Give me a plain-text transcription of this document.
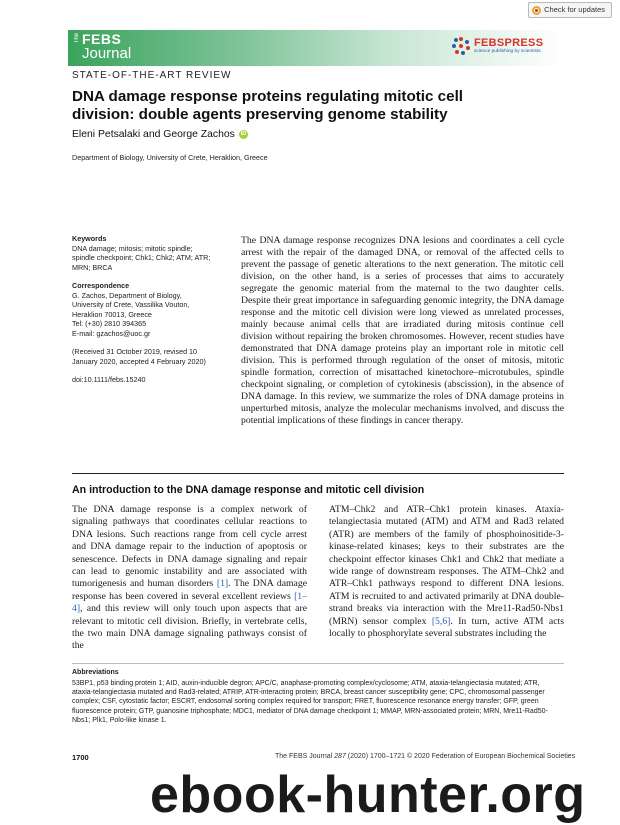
Check for updates
The FEBS
Journal
FEBSPRESS
science publishing by scientists
STATE-OF-THE-ART REVIEW
DNA damage response proteins regulating mitotic cell
division: double agents preserving genome stability
Eleni Petsalaki and George Zachos	iD
Department of Biology, University of Crete, Heraklion, Greece
Keywords
DNA damage; mitosis; mitotic spindle;
spindle checkpoint; Chk1; Chk2; ATM; ATR;
MRN; BRCA
Correspondence
G. Zachos, Department of Biology,
University of Crete, Vassilika Vouton,
Heraklion 70013, Greece
Tel: (+30) 2810 394365
E-mail: gzachos@uoc.gr
(Received 31 October 2019, revised 10
January 2020, accepted 4 February 2020)
doi:10.1111/febs.15240
The DNA damage response recognizes DNA lesions and coordinates a cell cycle arrest with the repair of the damaged DNA, or removal of the affected cells to prevent the passage of genetic alterations to the next generation. The mitotic cell division, on the other hand, is a series of processes that aims to accurately segregate the genomic material from the maternal to the two daughter cells. Despite their great importance in safeguarding genomic integrity, the DNA damage response and the mitotic cell division were long viewed as unrelated processes, mainly because animal cells that are irradiated during mitosis continue cell division without repairing the broken chromosomes. However, recent studies have demonstrated that DNA damage proteins play an important role in mitotic cell division. This is performed through regulation of the onset of mitosis, mitotic spindle formation, correction of misattached kinetochore–microtubules, spindle checkpoint signaling, or completion of cytokinesis (abscission), in the absence of DNA damage. In this review, we summarize the roles of DNA damage proteins in unperturbed mitosis, analyze the molecular mechanisms involved, and discuss the potential implications of these findings in cancer therapy.
An introduction to the DNA damage response and mitotic cell division
The DNA damage response is a complex network of signaling pathways that coordinates cellular reactions to DNA lesions. Such reactions range from cell cycle arrest and DNA damage repair to the induction of apoptosis or senescence. Defects in DNA damage signaling and repair can lead to genomic instability and are associated with tumorigenesis and human disorders [1]. The DNA damage response has been covered in several excellent reviews [1–4], and this review will only touch upon aspects that are relevant to mitotic cell division. Briefly, in vertebrate cells, the two main DNA damage signaling pathways consist of the
ATM–Chk2 and ATR–Chk1 protein kinases. Ataxia-telangiectasia mutated (ATM) and ATM and Rad3 related (ATR) are members of the family of phosphoinositide-3-kinase-related kinases; keys to their substrates are the checkpoint effector kinases Chk1 and Chk2 that mediate a wide range of downstream responses. The ATM–Chk2 and ATR–Chk1 pathways respond to different DNA lesions. ATM is recruited to and activated primarily at DNA double-strand breaks via interaction with the Mre11-Rad50-Nbs1 (MRN) sensor complex [5,6]. In turn, active ATM acts locally to phosphorylate several substrates including the
Abbreviations
53BP1, p53 binding protein 1; AID, auxin-inducible degron; APC/C, anaphase-promoting complex/cyclosome; ATM, ataxia-telangiectasia mutated; ATR, ataxia-telangiectasia mutated and Rad3-related; ATRIP, ATR-interacting protein; BRCA, breast cancer susceptibility gene; CPC, chromosomal passenger complex; CSF, cytostatic factor; ESCRT, endosomal sorting complex required for transport; FRET, fluorescence resonance energy transfer; GFP, green fluorescence protein; GTP, guanosine triphosphate; MDC1, mediator of DNA damage checkpoint 1; MMAP, MRN-associated protein; MRN, Mre11-Rad50-Nbs1; Plk1, Polo-like kinase 1.
1700	The FEBS Journal 287 (2020) 1700–1721 © 2020 Federation of European Biochemical Societies
ebook-hunter.org
